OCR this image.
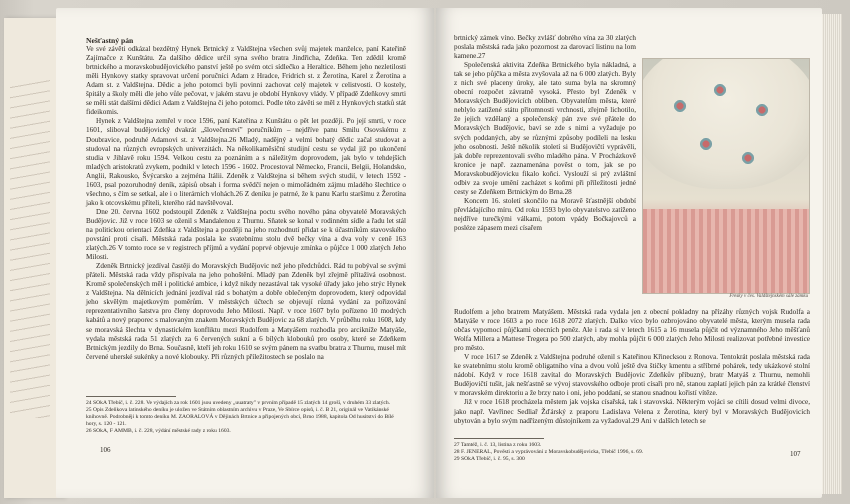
Nešťastný pán

Ve své závěti odkázal bezdětný Hynek Brtnický z Valdštejna všechen svůj majetek manželce, paní Kateřině Zajímačce z Kunštátu. Za dalšího dědice určil syna svého bratra Jindřicha, Zdeňka. Ten zdědil kromě brtnického a moravskobudějovického panství ještě po svém otci sídlečko a Heraltice. Během jeho nezletilosti měli Hynkovy statky spravovat určení poručníci Adam z Hradce, Fridrich st. z Žerotína, Karel z Žerotína a Adam st. z Valdštejna. Dědic a jeho potomci byli povinni zachovat celý majetek v celistvosti. O kostely, špitály a školy měli dle jeho vůle pečovat, v jakém stavu je období Hynkovy vlády. V případě Zdeňkovy smrti se měli stát dalšími dědici Adam z Valdštejna či jeho potomci. Podle této závěti se měl z Hynkových statků stát fideikomis.

Hynek z Valdštejna zemřel v roce 1596, paní Kateřina z Kunštátu o pět let později. Po její smrti, v roce 1601, sliboval budějovický dvakrát „šlovečenství" poručníkům – nejdříve panu Smilu Osovskému z Doubravice, podruhé Adamovi st. z Valdštejna.26 Mladý, nadějný a velmi bohatý dědic začal studovat a studoval na různých evropských univerzitách. Na několikaměsíční studijní cestu se vydal již po ukončení studia v Jihlavě roku 1594. Velkou cestu za poznáním a s náležitým doprovodem, jak bylo v tehdejších mladých aristokratů zvykem, podnikl v letech 1596 - 1602. Procestoval Německo, Francii, Belgii, Holandsko, Anglii, Rakousko, Švýcarsko a zejména Itálii. Zdeněk z Valdštejna si během svých studií, v letech 1592 - 1603, psal pozoruhodný deník, zápisů obsah i forma svědčí nejen o mimořádném zájmu mladého šlechtice o všechno, s čím se setkal, ale i o literárních vlohách.26 Z deníku je patrné, že k panu Karlu staršímu z Žerotína jako k otcovskému příteli, kterého rád navštěvoval.

Dne 20. června 1602 podstoupil Zdeněk z Valdštejna poctu svého nového pána obyvatelé Moravských Budějovic. Již v roce 1603 se oženil s Mandalenou z Thurnu. Sňatek se konal v rodinném sídle a řadu let stál na politickou orientaci Zdeňka z Valdštejna a později na jeho rozhodnutí přidat se k účastníkům stavovského povstání proti císaři. Městská rada poslala ke svatebnímu stolu dvě bečky vína a dva voly v ceně 163 zlatých.26 V tomto roce se v registrech příjmů a vydání poprvé objevuje zmínka o půjčce 1 000 zlatých Jeho Milosti.

Zdeněk Brtnický jezdíval častěji do Moravských Budějovic než jeho předchůdci. Rád tu pobýval se svými přáteli. Městská rada vždy přispívala na jeho pohoštění. Mladý pan Zdeněk byl zřejmě přítaživá osobnost. Kromě společenských měl i politické ambice, i když nikdy nezastával tak vysoké úřady jako jeho strýc Hynek z Valdštejna. Na dělnicích jednání jezdíval rád s bohatým a dobře oblečeným doprovodem, který odpovídal jeho skvělým majetkovým poměrům. V městských účtech se objevují různá vydání za pořizování reprezentativního šatstva pro členy doprovodu Jeho Milosti. Např. v roce 1607 bylo pořízeno 10 modrých kabátů a nový praporec s malovaným znakem Moravských Budějovic za 68 zlatých. V průběhu roku 1608, kdy se moravská šlechta v dynastickém konfliktu mezi Rudolfem a Matyášem rozhodla pro arcikníže Matyáše, vydala městská rada 51 zlatých za 6 červených sukní a 6 bílých klobouků pro osoby, které se Zdeňkem Brtnickým jezdily do Brna. Současně, kteří jeh roku 1610 se svým pánem na svatbu bratra z Thurnu, musel mít červené uherské sukénky a nové klobouky. Při různých příležitostech se poslalo na

24 SOkA Třebíč, i. č. 228. Ve výdajích za rok 1601 jsou uvedeny „uuatraty" v prvním případě 15 zlatých 14 groší, v druhém 33 zlatých.
25 Opis Zdeňkova latinského deníku je uložen ve Státním oblastním archivu v Praze, Ve Sbírce opisů, i. č. B 21, originál ve Vatikánské knihovně. Podrobněji k tomto deníku M. ZAORALOVÁ v Dějinách Brtnice a připojených obcí, Brno 1988, kapitola Od husitství do Bílé hory, s. 120 - 121.
26 SOkA, F AMMB, i. č. 228, výdání městské rady z roku 1603.
106

brtnický zámek víno. Bečky zvlášť dobrého vína za 30 zlatých poslala městská rada jako pozornost za darovací listinu na lom kamene.27

Společenská aktivita Zdeňka Brtnického byla nákladná, a tak se jeho půjčka a města zvyšovala až na 6 000 zlatých. Byly z nich své placeny úroky, ale tato suma byla na skromný obecní rozpočet závratně vysoká. Přesto byl Zdeněk v Moravských Budějovicích oblíben. Obyvatelům města, které neblylo zatížené státu přitomnosti vrchnosti, zřejmě lichotilo, že jejich vzdělaný a společenský pán zve své přátele do Moravských Budějovic, baví se zde s nimi a vyžaduje po svých poddaných, aby se různými způsoby podíleli na lesku jeho osobnosti. Ještě několik století si Budějovičtí vyprávěli, jak dobře reprezentovali svého mladého pána. V Procházkově kronice je např. zaznamenána pověst o tom, jak se po Moravskobudějovicku fikalo koňci. Vyslouží si prý zvláštní odbiv za svoje umění zacházet s koňmi při příležitosti jedné cesty se Zdeňkem Brtnickým do Brna.28

Koncem 16. století skončilo na Moravě šťastnější období převládajícího míru. Od roku 1593 bylo obyvatelstvo zatíženo nejdříve turečkými válkami, potom vpády Bočkajovců a posléze zápasem mezi císařem

Fresky v čes. Valdštejnském sále zámku

Rudolfem a jeho bratrem Matyášem. Městská rada vydala jen z obecní pokladny na přízáhy různých vojsk Rudolfa a Matyáše v roce 1603 a po roce 1618 2072 zlatých. Dalko víco bylo ozbrojováno obyvatelé města, kterým musela rada občas vypomoci půjčkami obecních peněz. Ale i rada si v letech 1615 a 16 musela půjčit od významného Jeho měšťanů Wolfa Millera a Mattese Tregera po 500 zlatých, aby mohla půjčit 6 000 zlatých Jeho Milosti realizovat potřebné investice pro město.

V roce 1617 se Zdeněk z Valdštejna podruhé oženil s Kateřinou Křinecksou z Ronova. Tentokrát poslala městská rada ke svatebnímu stolu kromě obligatního vína a dvou volů ještě dva štičky kmentu a stříbrné pohárek, tedy ukázkové stolní nádobí. Když v roce 1618 zavítal do Moravských Budějovic Zdeňkův příbuzný, bratr Matyáš z Thurnu, nemohli Budějovičtí tušit, jak nešťastně se vývoj stavovského odboje proti císaři pro ně, stanou zaplatí jejich pán za krátké členství v moravském direktoriu a že brzy nato i oni, jeho poddaní, se stanou snadnou kořistí vítěze.

Již v roce 1618 procházela městem jak vojska císařská, tak i stavovská. Některým vojáci se cítili dosud velmi divoce, jako např. Vavřinec Sedliař Žďárský z praporu Ladislava Velena z Žerotína, který byl v Moravských Budějovicích ubytován a bylo svým nadřízeným důstojníkem za vyžadoval.29 Ani v dalších letech se

27 Tamtéž, i. č. 13, listina z roku 1603.
28 F. JENERÁL, Pověsti a vyprávování z Moravskobudějovicka, Třebíč 1996, s. 69.
29 SOkA Třebíč, i. č. 95, s. 300
107
